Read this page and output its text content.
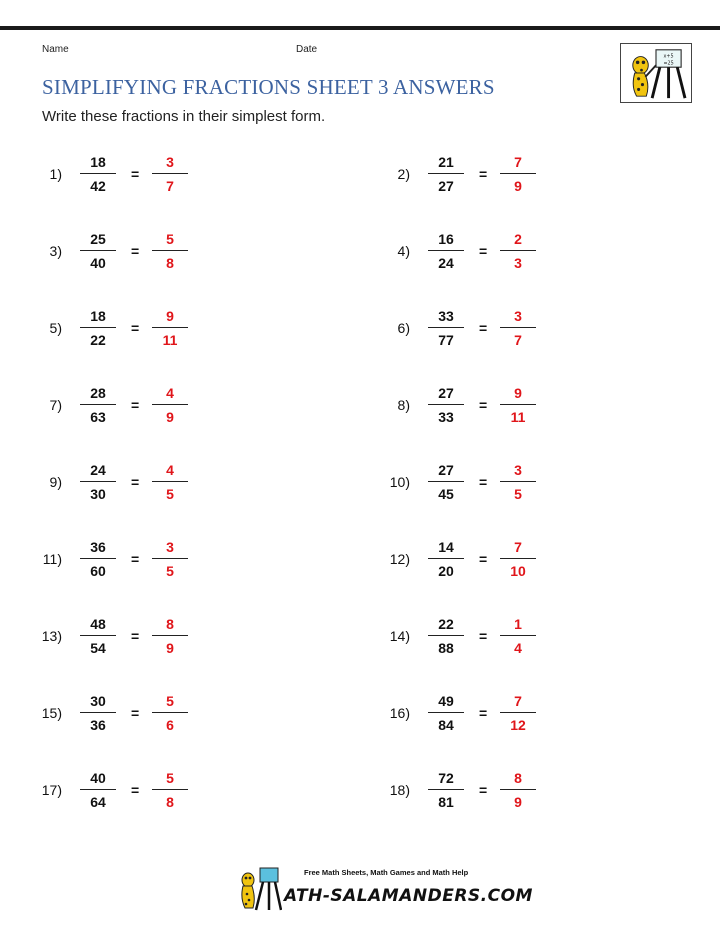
Name	Date
x+5
=25
SIMPLIFYING FRACTIONS SHEET 3 ANSWERS

Write these fractions in their simplest form.

1)
18
42
=
3
7
2)
21
27
=
7
9
3)
25
40
=
5
8
4)
16
24
=
2
3
5)
18
22
=
9
11
6)
33
77
=
3
7
7)
28
63
=
4
9
8)
27
33
=
9
11
9)
24
30
=
4
5
10)
27
45
=
3
5
11)
36
60
=
3
5
12)
14
20
=
7
10
13)
48
54
=
8
9
14)
22
88
=
1
4
15)
30
36
=
5
6
16)
49
84
=
7
12
17)
40
64
=
5
8
18)
72
81
=
8
9
Free Math Sheets, Math Games and Math Help
ATH-SALAMANDERS.COM
